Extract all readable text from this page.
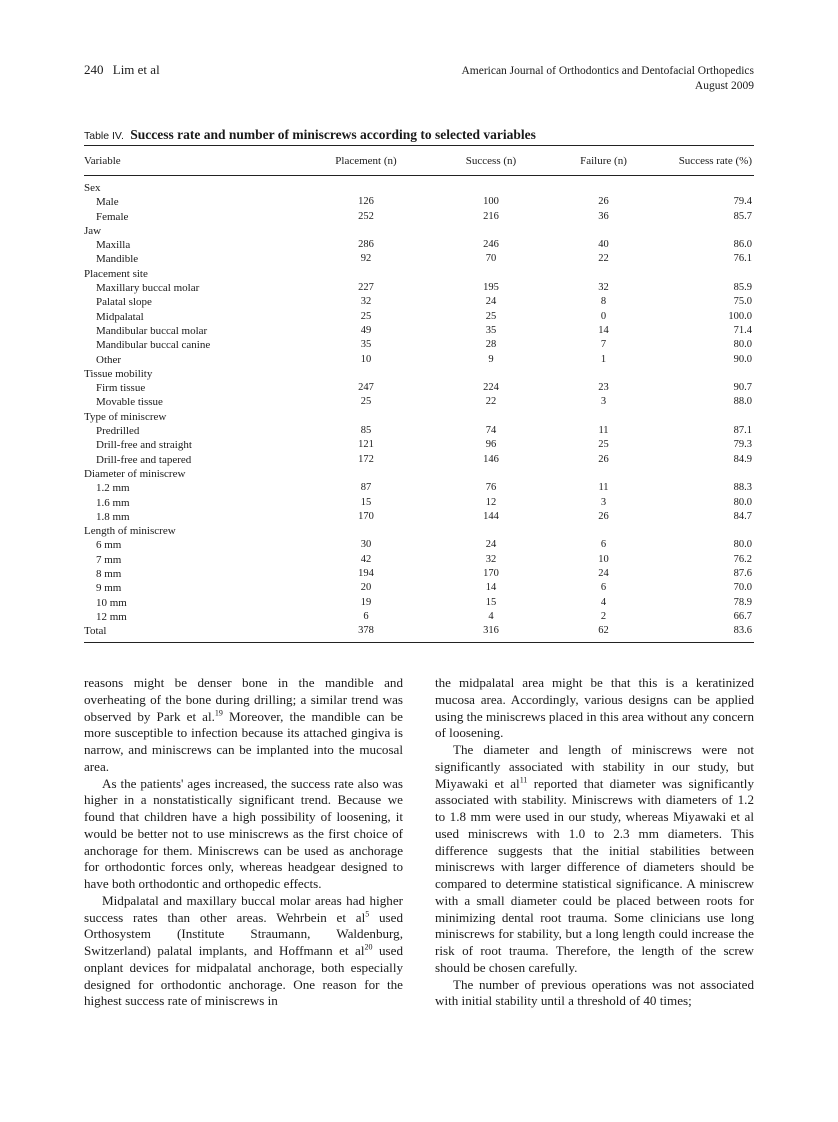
240 Lim et al	American Journal of Orthodontics and Dentofacial Orthopedics
August 2009
Table IV. Success rate and number of miniscrews according to selected variables
Variable	Placement (n)	Success (n)	Failure (n)	Success rate (%)
Sex				
Male	126	100	26	79.4
Female	252	216	36	85.7
Jaw				
Maxilla	286	246	40	86.0
Mandible	92	70	22	76.1
Placement site				
Maxillary buccal molar	227	195	32	85.9
Palatal slope	32	24	8	75.0
Midpalatal	25	25	0	100.0
Mandibular buccal molar	49	35	14	71.4
Mandibular buccal canine	35	28	7	80.0
Other	10	9	1	90.0
Tissue mobility				
Firm tissue	247	224	23	90.7
Movable tissue	25	22	3	88.0
Type of miniscrew				
Predrilled	85	74	11	87.1
Drill-free and straight	121	96	25	79.3
Drill-free and tapered	172	146	26	84.9
Diameter of miniscrew				
1.2 mm	87	76	11	88.3
1.6 mm	15	12	3	80.0
1.8 mm	170	144	26	84.7
Length of miniscrew				
6 mm	30	24	6	80.0
7 mm	42	32	10	76.2
8 mm	194	170	24	87.6
9 mm	20	14	6	70.0
10 mm	19	15	4	78.9
12 mm	6	4	2	66.7
Total	378	316	62	83.6

reasons might be denser bone in the mandible and overheating of the bone during drilling; a similar trend was observed by Park et al.$^{19}$ Moreover, the mandible can be more susceptible to infection because its attached gingiva is narrow, and miniscrews can be implanted into the mucosal area.

As the patients' ages increased, the success rate also was higher in a nonstatistically significant trend. Because we found that children have a high possibility of loosening, it would be better not to use miniscrews as the first choice of anchorage for them. Miniscrews can be used as anchorage for orthodontic forces only, whereas headgear designed to have both orthodontic and orthopedic effects.

Midpalatal and maxillary buccal molar areas had higher success rates than other areas. Wehrbein et $al^5$ used Orthosystem (Institute Straumann, Waldenburg, Switzerland) palatal implants, and Hoffmann et $al^{20}$ used onplant devices for midpalatal anchorage, both especially designed for orthodontic anchorage. One reason for the highest success rate of miniscrews in

the midpalatal area might be that this is a keratinized mucosa area. Accordingly, various designs can be applied using the miniscrews placed in this area without any concern of loosening.

The diameter and length of miniscrews were not significantly associated with stability in our study, but Miyawaki et $al^{11}$ reported that diameter was significantly associated with stability. Miniscrews with diameters of 1.2 to 1.8 mm were used in our study, whereas Miyawaki et al used miniscrews with 1.0 to 2.3 mm diameters. This difference suggests that the initial stabilities between miniscrews with larger difference of diameters should be compared to determine statistical significance. A miniscrew with a small diameter could be placed between roots for minimizing dental root trauma. Some clinicians use long miniscrews for stability, but a long length could increase the risk of root trauma. Therefore, the length of the screw should be chosen carefully.

The number of previous operations was not associated with initial stability until a threshold of 40 times;
